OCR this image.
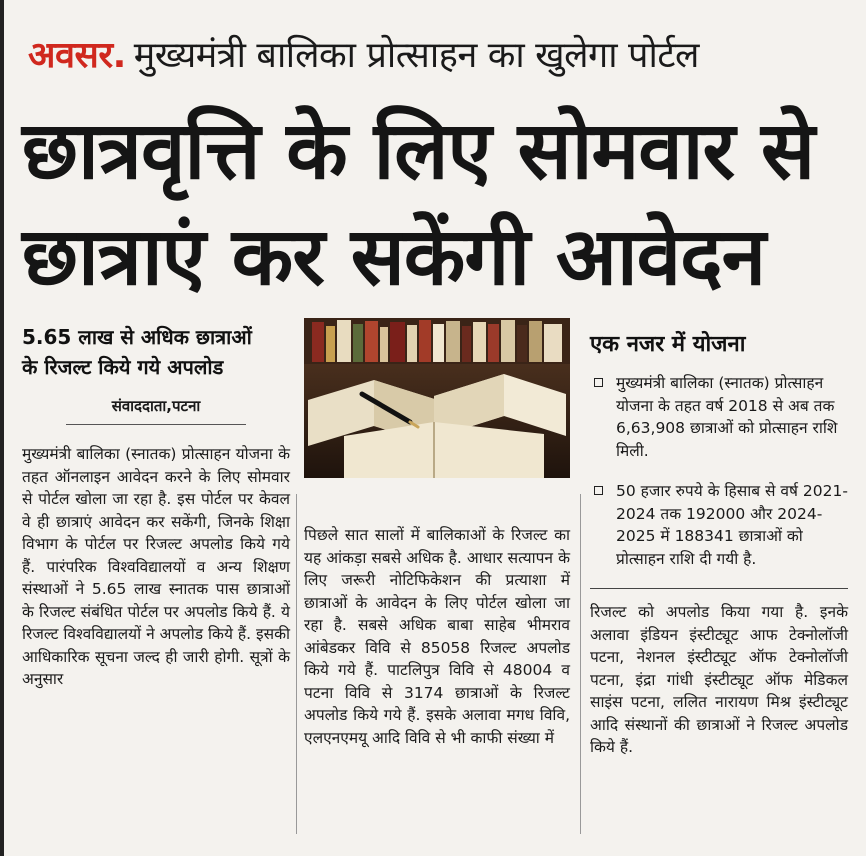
अवसर. मुख्यमंत्री बालिका प्रोत्साहन का खुलेगा पोर्टल
छात्रवृत्ति के लिए सोमवार से
छात्राएं कर सकेंगी आवेदन
5.65 लाख से अधिक छात्राओं
के रिजल्ट किये गये अपलोड
संवाददाता,पटना
मुख्यमंत्री बालिका (स्नातक) प्रोत्साहन योजना के तहत ऑनलाइन आवेदन करने के लिए सोमवार से पोर्टल खोला जा रहा है. इस पोर्टल पर केवल वे ही छात्राएं आवेदन कर सकेंगी, जिनके शिक्षा विभाग के पोर्टल पर रिजल्ट अपलोड किये गये हैं. पारंपरिक विश्वविद्यालयों व अन्य शिक्षण संस्थाओं ने 5.65 लाख स्नातक पास छात्राओं के रिजल्ट संबंधित पोर्टल पर अपलोड किये हैं. ये रिजल्ट विश्वविद्यालयों ने अपलोड किये हैं. इसकी आधिकारिक सूचना जल्द ही जारी होगी. सूत्रों के अनुसार
पिछले सात सालों में बालिकाओं के रिजल्ट का यह आंकड़ा सबसे अधिक है. आधार सत्यापन के लिए जरूरी नोटिफिकेशन की प्रत्याशा में छात्राओं के आवेदन के लिए पोर्टल खोला जा रहा है. सबसे अधिक बाबा साहेब भीमराव आंबेडकर विवि से 85058 रिजल्ट अपलोड किये गये हैं. पाटलिपुत्र विवि से 48004 व पटना विवि से 3174 छात्राओं के रिजल्ट अपलोड किये गये हैं. इसके अलावा मगध विवि, एलएनएमयू आदि विवि से भी काफी संख्या में
एक नजर में योजना
मुख्यमंत्री बालिका (स्नातक) प्रोत्साहन योजना के तहत वर्ष 2018 से अब तक 6,63,908 छात्राओं को प्रोत्साहन राशि मिली.
50 हजार रुपये के हिसाब से वर्ष 2021-2024 तक 192000 और 2024-2025 में 188341 छात्राओं को प्रोत्साहन राशि दी गयी है.
रिजल्ट को अपलोड किया गया है. इनके अलावा इंडियन इंस्टीट्यूट आफ टेक्नोलॉजी पटना, नेशनल इंस्टीट्यूट ऑफ टेक्नोलॉजी पटना, इंद्रा गांधी इंस्टीट्यूट ऑफ मेडिकल साइंस पटना, ललित नारायण मिश्र इंस्टीट्यूट आदि संस्थानों की छात्राओं ने रिजल्ट अपलोड किये हैं.
